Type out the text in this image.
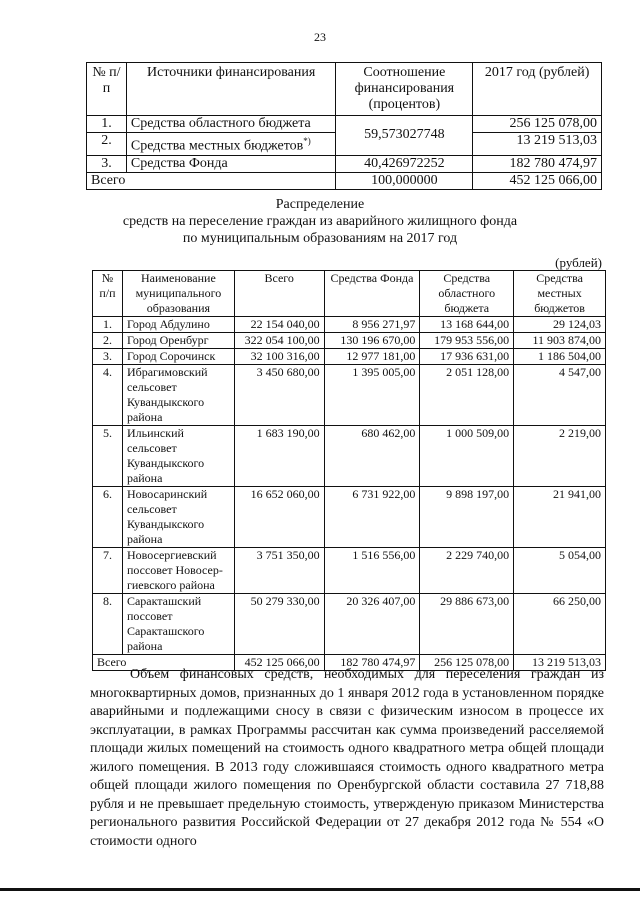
23
№ п/п	Источники финансирования	Соотношение финансирования (процентов)	2017 год (рублей)
1.	Средства областного бюджета	59,573027748	256 125 078,00
2.	Средства местных бюджетов*)		13 219 513,03
3.	Средства Фонда	40,426972252	182 780 474,97
Всего		100,000000	452 125 066,00
Распределение
средств на переселение граждан из аварийного жилищного фонда
по муниципальным образованиям на 2017 год
(рублей)
№ п/п	Наименование муниципального образования	Всего	Средства Фонда	Средства областного бюджета	Средства местных бюджетов
1.	Город Абдулино	22 154 040,00	8 956 271,97	13 168 644,00	29 124,03
2.	Город Оренбург	322 054 100,00	130 196 670,00	179 953 556,00	11 903 874,00
3.	Город Сорочинск	32 100 316,00	12 977 181,00	17 936 631,00	1 186 504,00
4.	Ибрагимовский сельсовет Кувандыкского района	3 450 680,00	1 395 005,00	2 051 128,00	4 547,00
5.	Ильинский сельсовет Кувандыкского района	1 683 190,00	680 462,00	1 000 509,00	2 219,00
6.	Новосаринский сельсовет Кувандыкского района	16 652 060,00	6 731 922,00	9 898 197,00	21 941,00
7.	Новосергиевский поссовет Новосер-гиевского района	3 751 350,00	1 516 556,00	2 229 740,00	5 054,00
8.	Саракташский поссовет Саракташского района	50 279 330,00	20 326 407,00	29 886 673,00	66 250,00
Всего		452 125 066,00	182 780 474,97	256 125 078,00	13 219 513,03

Объем финансовых средств, необходимых для переселения граждан из многоквартирных домов, признанных до 1 января 2012 года в установленном порядке аварийными и подлежащими сносу в связи с физическим износом в процессе их эксплуатации, в рамках Программы рассчитан как сумма произведений расселяемой площади жилых помещений на стоимость одного квадратного метра общей площади жилого помещения. В 2013 году сложившаяся стоимость одного квадратного метра общей площади жилого помещения по Оренбургской области составила 27 718,88 рубля и не превышает предельную стоимость, утвержденую приказом Министерства регионального развития Российской Федерации от 27 декабря 2012 года № 554 «О стоимости одного
